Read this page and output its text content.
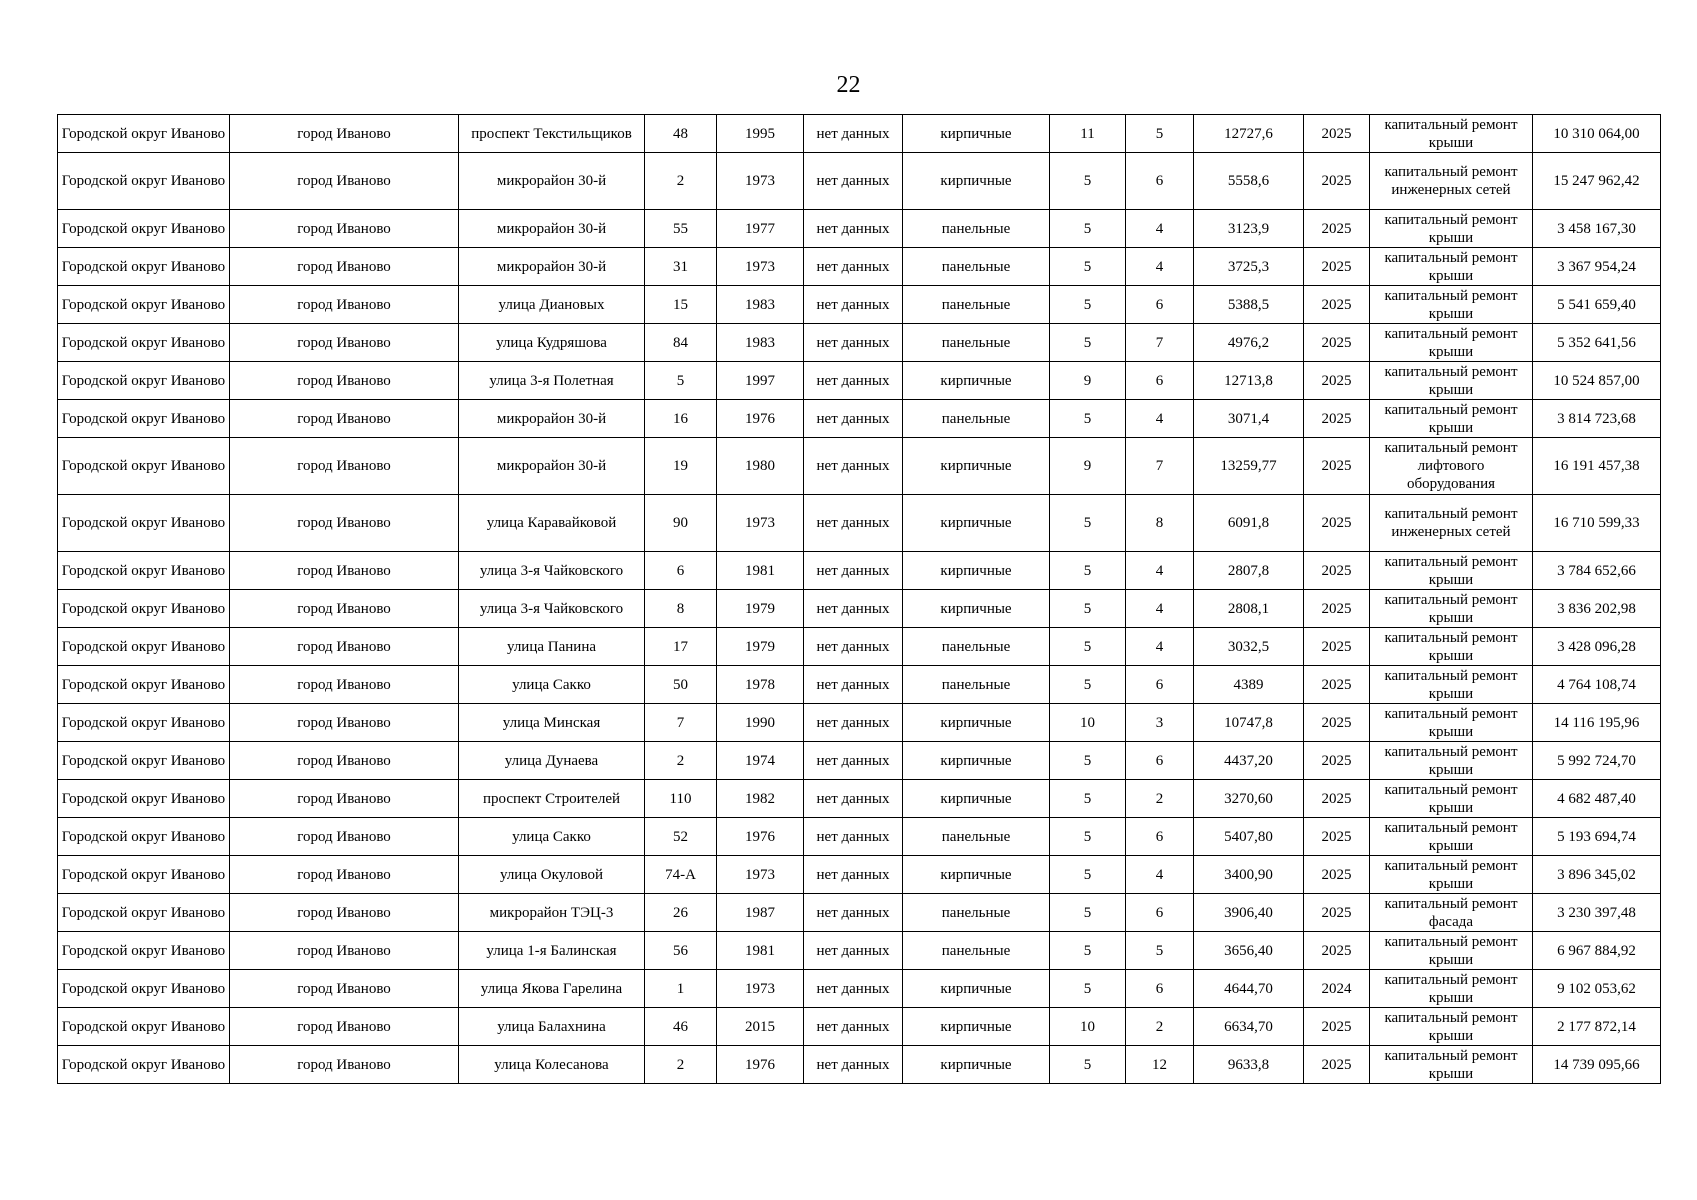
22
Городской округ Иваново	город Иваново	проспект Текстильщиков	48	1995	нет данных	кирпичные	11	5	12727,6	2025	капитальный ремонт крыши	10 310 064,00
Городской округ Иваново	город Иваново	микрорайон 30-й	2	1973	нет данных	кирпичные	5	6	5558,6	2025	капитальный ремонт инженерных сетей	15 247 962,42
Городской округ Иваново	город Иваново	микрорайон 30-й	55	1977	нет данных	панельные	5	4	3123,9	2025	капитальный ремонт крыши	3 458 167,30
Городской округ Иваново	город Иваново	микрорайон 30-й	31	1973	нет данных	панельные	5	4	3725,3	2025	капитальный ремонт крыши	3 367 954,24
Городской округ Иваново	город Иваново	улица Диановых	15	1983	нет данных	панельные	5	6	5388,5	2025	капитальный ремонт крыши	5 541 659,40
Городской округ Иваново	город Иваново	улица Кудряшова	84	1983	нет данных	панельные	5	7	4976,2	2025	капитальный ремонт крыши	5 352 641,56
Городской округ Иваново	город Иваново	улица 3-я Полетная	5	1997	нет данных	кирпичные	9	6	12713,8	2025	капитальный ремонт крыши	10 524 857,00
Городской округ Иваново	город Иваново	микрорайон 30-й	16	1976	нет данных	панельные	5	4	3071,4	2025	капитальный ремонт крыши	3 814 723,68
Городской округ Иваново	город Иваново	микрорайон 30-й	19	1980	нет данных	кирпичные	9	7	13259,77	2025	капитальный ремонт лифтового оборудования	16 191 457,38
Городской округ Иваново	город Иваново	улица Каравайковой	90	1973	нет данных	кирпичные	5	8	6091,8	2025	капитальный ремонт инженерных сетей	16 710 599,33
Городской округ Иваново	город Иваново	улица 3-я Чайковского	6	1981	нет данных	кирпичные	5	4	2807,8	2025	капитальный ремонт крыши	3 784 652,66
Городской округ Иваново	город Иваново	улица 3-я Чайковского	8	1979	нет данных	кирпичные	5	4	2808,1	2025	капитальный ремонт крыши	3 836 202,98
Городской округ Иваново	город Иваново	улица Панина	17	1979	нет данных	панельные	5	4	3032,5	2025	капитальный ремонт крыши	3 428 096,28
Городской округ Иваново	город Иваново	улица Сакко	50	1978	нет данных	панельные	5	6	4389	2025	капитальный ремонт крыши	4 764 108,74
Городской округ Иваново	город Иваново	улица Минская	7	1990	нет данных	кирпичные	10	3	10747,8	2025	капитальный ремонт крыши	14 116 195,96
Городской округ Иваново	город Иваново	улица Дунаева	2	1974	нет данных	кирпичные	5	6	4437,20	2025	капитальный ремонт крыши	5 992 724,70
Городской округ Иваново	город Иваново	проспект Строителей	110	1982	нет данных	кирпичные	5	2	3270,60	2025	капитальный ремонт крыши	4 682 487,40
Городской округ Иваново	город Иваново	улица Сакко	52	1976	нет данных	панельные	5	6	5407,80	2025	капитальный ремонт крыши	5 193 694,74
Городской округ Иваново	город Иваново	улица Окуловой	74-А	1973	нет данных	кирпичные	5	4	3400,90	2025	капитальный ремонт крыши	3 896 345,02
Городской округ Иваново	город Иваново	микрорайон ТЭЦ-3	26	1987	нет данных	панельные	5	6	3906,40	2025	капитальный ремонт фасада	3 230 397,48
Городской округ Иваново	город Иваново	улица 1-я Балинская	56	1981	нет данных	панельные	5	5	3656,40	2025	капитальный ремонт крыши	6 967 884,92
Городской округ Иваново	город Иваново	улица Якова Гарелина	1	1973	нет данных	кирпичные	5	6	4644,70	2024	капитальный ремонт крыши	9 102 053,62
Городской округ Иваново	город Иваново	улица Балахнина	46	2015	нет данных	кирпичные	10	2	6634,70	2025	капитальный ремонт крыши	2 177 872,14
Городской округ Иваново	город Иваново	улица Колесанова	2	1976	нет данных	кирпичные	5	12	9633,8	2025	капитальный ремонт крыши	14 739 095,66
